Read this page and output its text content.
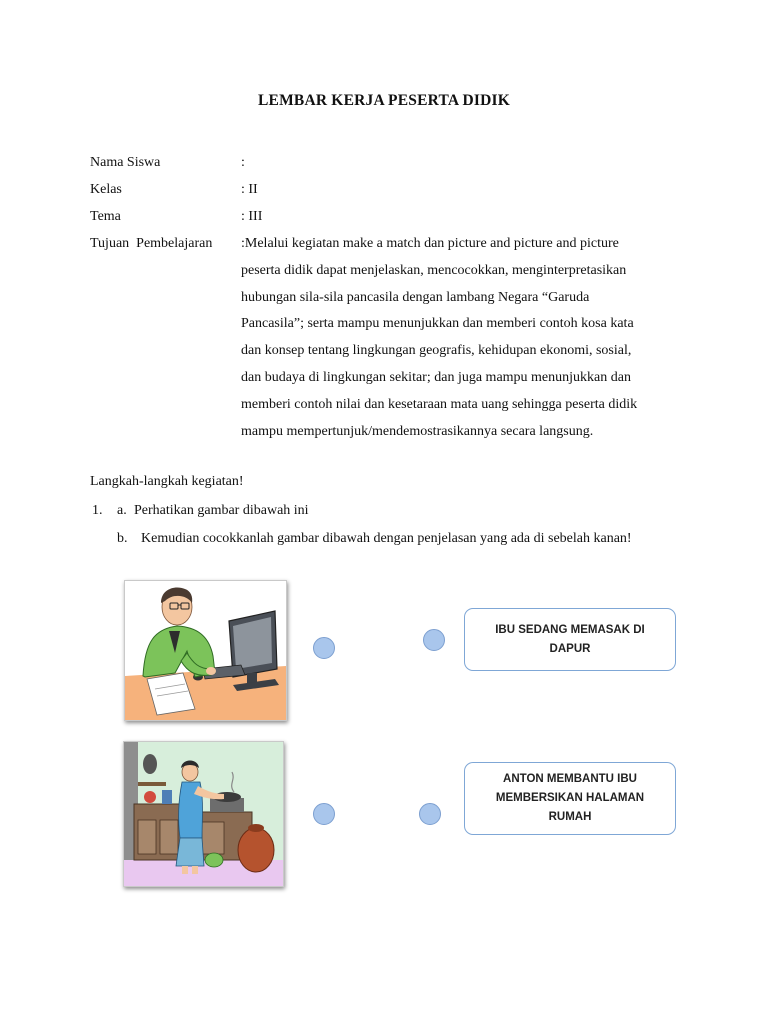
LEMBAR KERJA PESERTA DIDIK
Nama Siswa	:
Kelas	: II
Tema	: III
Tujuan  Pembelajaran :Melalui kegiatan make a match dan picture and picture and picture
peserta didik dapat menjelaskan, mencocokkan, menginterpretasikan
hubungan sila-sila pancasila dengan lambang Negara “Garuda
Pancasila”; serta mampu menunjukkan dan memberi contoh kosa kata
dan konsep tentang lingkungan geografis, kehidupan ekonomi, sosial,
dan budaya di lingkungan sekitar; dan juga mampu menunjukkan dan
memberi contoh nilai dan kesetaraan mata uang sehingga peserta didik
mampu mempertunjuk/mendemostrasikannya secara langsung.
Langkah-langkah kegiatan!
1. a. Perhatikan gambar dibawah ini
b. Kemudian cocokkanlah gambar dibawah dengan penjelasan yang ada di sebelah kanan!
IBU SEDANG MEMASAK DI DAPUR
ANTON MEMBANTU IBU MEMBERSIKAN HALAMAN RUMAH
